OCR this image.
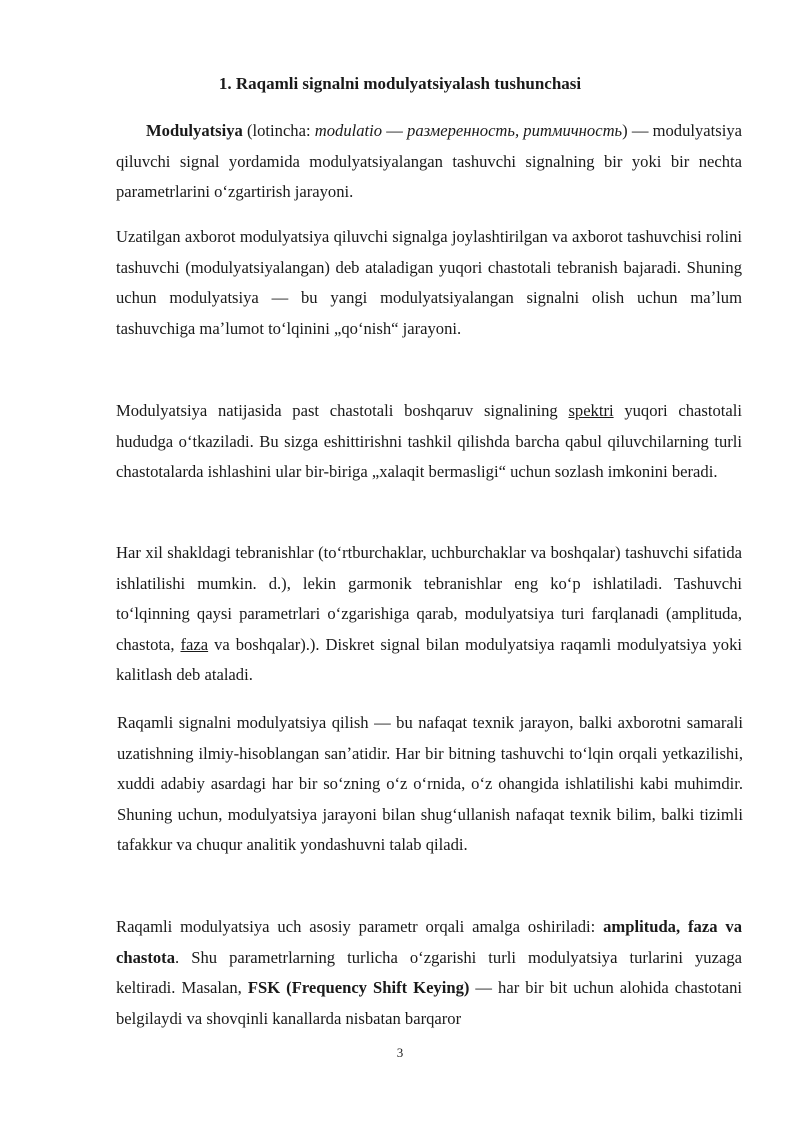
1. Raqamli signalni modulyatsiyalash tushunchasi
Modulyatsiya (lotincha: modulatio — размеренность, ритмичность) — modulyatsiya qiluvchi signal yordamida modulyatsiyalangan tashuvchi signalning bir yoki bir nechta parametrlarini oʻzgartirish jarayoni.
Uzatilgan axborot modulyatsiya qiluvchi signalga joylashtirilgan va axborot tashuvchisi rolini tashuvchi (modulyatsiyalangan) deb ataladigan yuqori chastotali tebranish bajaradi. Shuning uchun modulyatsiya — bu yangi modulyatsiyalangan signalni olish uchun maʼlum tashuvchiga maʼlumot toʻlqinini „qoʻnish“ jarayoni.
Modulyatsiya natijasida past chastotali boshqaruv signalining spektri yuqori chastotali hududga oʻtkaziladi. Bu sizga eshittirishni tashkil qilishda barcha qabul qiluvchilarning turli chastotalarda ishlashini ular bir-biriga „xalaqit bermasligi“ uchun sozlash imkonini beradi.
Har xil shakldagi tebranishlar (toʻrtburchaklar, uchburchaklar va boshqalar) tashuvchi sifatida ishlatilishi mumkin. d.), lekin garmonik tebranishlar eng koʻp ishlatiladi. Tashuvchi toʻlqinning qaysi parametrlari oʻzgarishiga qarab, modulyatsiya turi farqlanadi (amplituda, chastota, faza va boshqalar).). Diskret signal bilan modulyatsiya raqamli modulyatsiya yoki kalitlash deb ataladi.
Raqamli signalni modulyatsiya qilish — bu nafaqat texnik jarayon, balki axborotni samarali uzatishning ilmiy-hisoblangan sanʼatidir. Har bir bitning tashuvchi toʻlqin orqali yetkazilishi, xuddi adabiy asardagi har bir soʻzning oʻz oʻrnida, oʻz ohangida ishlatilishi kabi muhimdir. Shuning uchun, modulyatsiya jarayoni bilan shugʻullanish nafaqat texnik bilim, balki tizimli tafakkur va chuqur analitik yondashuvni talab qiladi.
Raqamli modulyatsiya uch asosiy parametr orqali amalga oshiriladi: amplituda, faza va chastota. Shu parametrlarning turlicha oʻzgarishi turli modulyatsiya turlarini yuzaga keltiradi. Masalan, FSK (Frequency Shift Keying) — har bir bit uchun alohida chastotani belgilaydi va shovqinli kanallarda nisbatan barqaror
3
